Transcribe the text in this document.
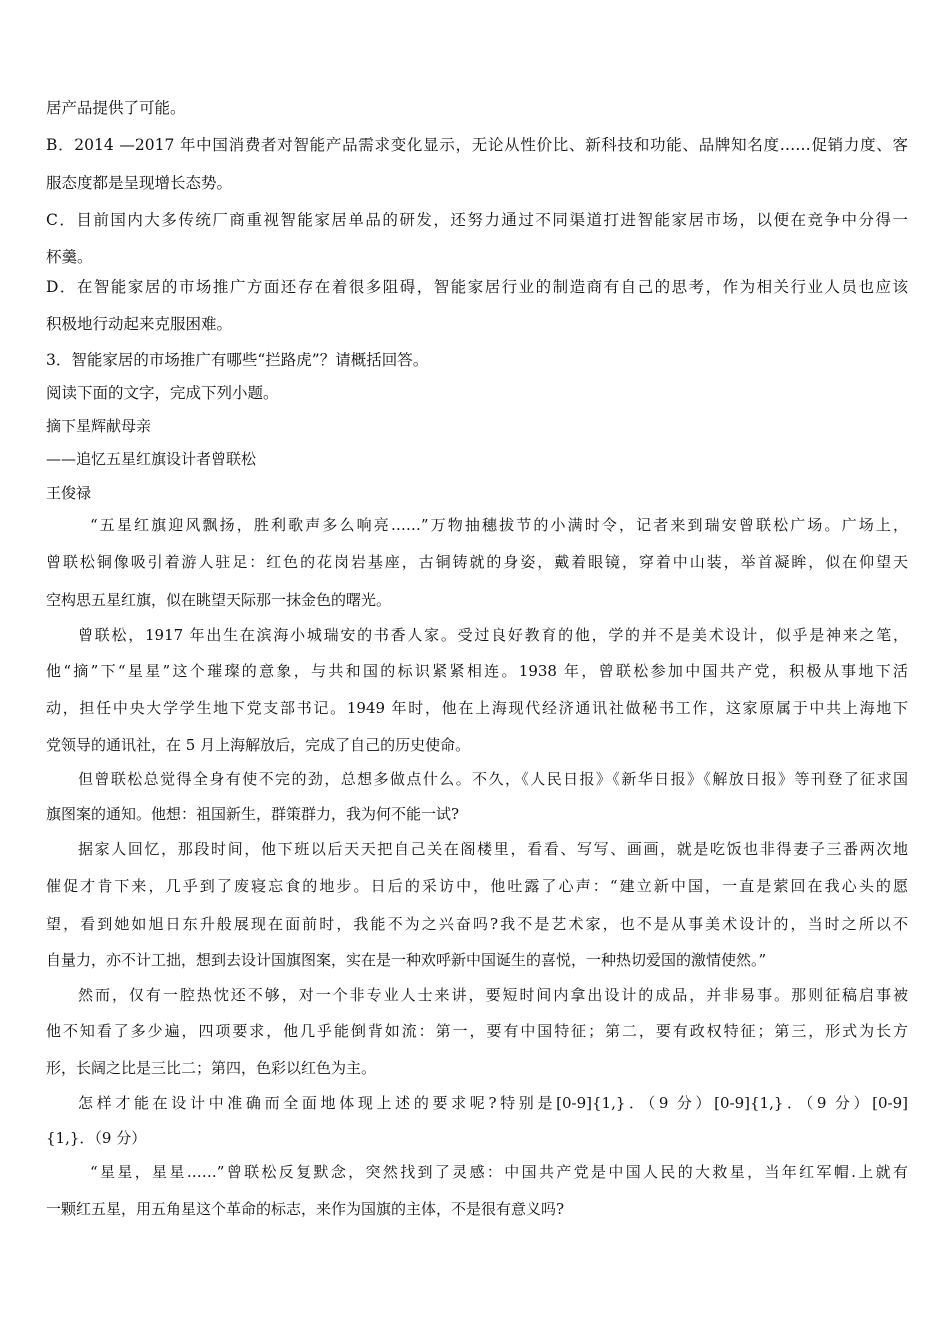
居产品提供了可能。
B．2014 —2017 年中国消费者对智能产品需求变化显示，无论从性价比、新科技和功能、品牌知名度……促销力度、客
服态度都是呈现增长态势。
C．目前国内大多传统厂商重视智能家居单品的研发，还努力通过不同渠道打进智能家居市场，以便在竞争中分得一
杯羹。
D．在智能家居的市场推广方面还存在着很多阻碍，智能家居行业的制造商有自己的思考，作为相关行业人员也应该
积极地行动起来克服困难。
3．智能家居的市场推广有哪些“拦路虎”？请概括回答。
阅读下面的文字，完成下列小题。
摘下星辉献母亲
——追忆五星红旗设计者曾联松
王俊禄
“五星红旗迎风飘扬，胜利歌声多么响亮……”万物抽穗拔节的小满时令，记者来到瑞安曾联松广场。广场上，
曾联松铜像吸引着游人驻足：红色的花岗岩基座，古铜铸就的身姿，戴着眼镜，穿着中山装，举首凝眸，似在仰望天
空构思五星红旗，似在眺望天际那一抹金色的曙光。
曾联松，1917 年出生在滨海小城瑞安的书香人家。受过良好教育的他，学的并不是美术设计，似乎是神来之笔，
他“摘”下“星星”这个璀璨的意象，与共和国的标识紧紧相连。1938 年，曾联松参加中国共产党，积极从事地下活
动，担任中央大学学生地下党支部书记。1949 年时，他在上海现代经济通讯社做秘书工作，这家原属于中共上海地下
党领导的通讯社，在 5 月上海解放后，完成了自己的历史使命。
但曾联松总觉得全身有使不完的劲，总想多做点什么。不久，《人民日报》《新华日报》《解放日报》等刊登了征求国
旗图案的通知。他想：祖国新生，群策群力，我为何不能一试?
据家人回忆，那段时间，他下班以后天天把自己关在阁楼里，看看、写写、画画，就是吃饭也非得妻子三番两次地
催促才肯下来，几乎到了废寝忘食的地步。日后的采访中，他吐露了心声：“建立新中国，一直是萦回在我心头的愿
望，看到她如旭日东升般展现在面前时，我能不为之兴奋吗?我不是艺术家，也不是从事美术设计的，当时之所以不
自量力，亦不计工拙，想到去设计国旗图案，实在是一种欢呼新中国诞生的喜悦，一种热切爱国的激情使然。”
然而，仅有一腔热忱还不够，对一个非专业人士来讲，要短时间内拿出设计的成品，并非易事。那则征稿启事被
他不知看了多少遍，四项要求，他几乎能倒背如流：第一，要有中国特征；第二，要有政权特征；第三，形式为长方
形，长阔之比是三比二；第四，色彩以红色为主。
怎样才能在设计中准确而全面地体现上述的要求呢?特别是[0-9]{1,}．（9 分）[0-9]{1,}．（9 分）[0-9]
{1,}．（9 分）
“星星，星星……”曾联松反复默念，突然找到了灵感：中国共产党是中国人民的大救星，当年红军帽.上就有
一颗红五星，用五角星这个革命的标志，来作为国旗的主体，不是很有意义吗?
